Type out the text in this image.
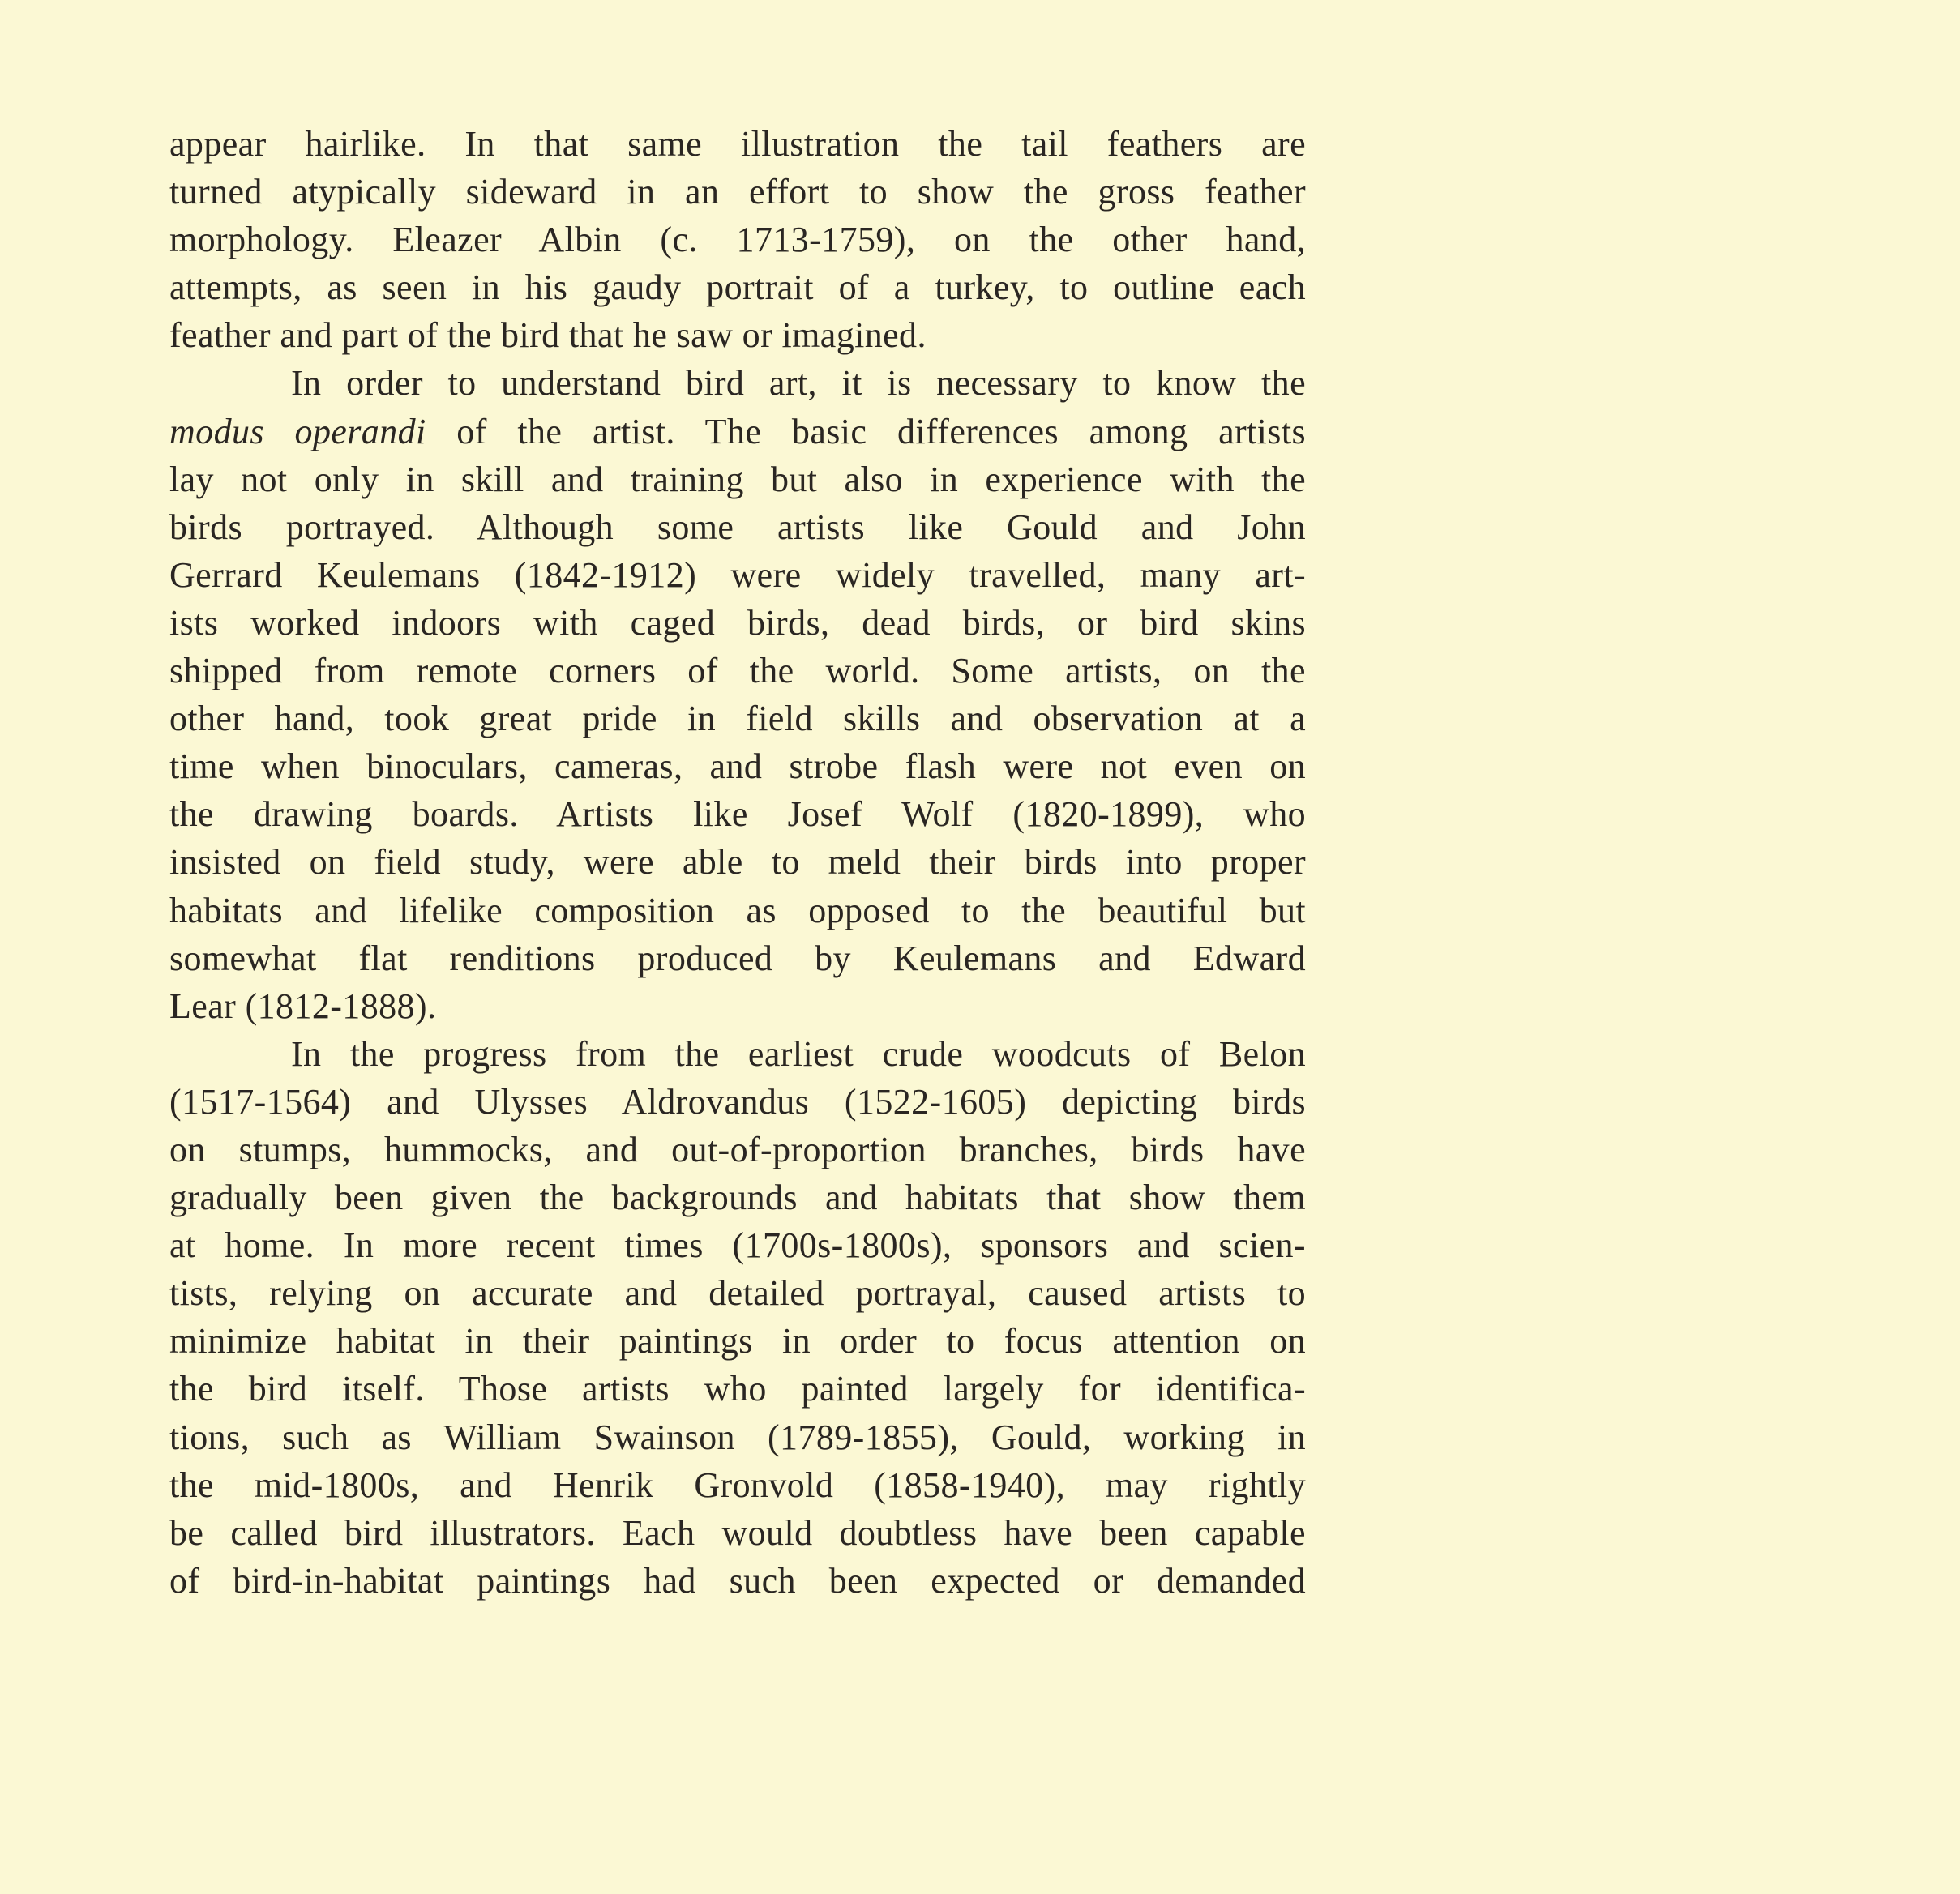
appear hairlike. In that same illustration the tail feathers are
turned atypically sideward in an effort to show the gross feather
morphology. Eleazer Albin (c. 1713-1759), on the other hand,
attempts, as seen in his gaudy portrait of a turkey, to outline each
feather and part of the bird that he saw or imagined.
In order to understand bird art, it is necessary to know the
modus operandi of the artist. The basic differences among artists
lay not only in skill and training but also in experience with the
birds portrayed. Although some artists like Gould and John
Gerrard Keulemans (1842-1912) were widely travelled, many art-
ists worked indoors with caged birds, dead birds, or bird skins
shipped from remote corners of the world. Some artists, on the
other hand, took great pride in field skills and observation at a
time when binoculars, cameras, and strobe flash were not even on
the drawing boards. Artists like Josef Wolf (1820-1899), who
insisted on field study, were able to meld their birds into proper
habitats and lifelike composition as opposed to the beautiful but
somewhat flat renditions produced by Keulemans and Edward
Lear (1812-1888).
In the progress from the earliest crude woodcuts of Belon
(1517-1564) and Ulysses Aldrovandus (1522-1605) depicting birds
on stumps, hummocks, and out-of-proportion branches, birds have
gradually been given the backgrounds and habitats that show them
at home. In more recent times (1700s-1800s), sponsors and scien-
tists, relying on accurate and detailed portrayal, caused artists to
minimize habitat in their paintings in order to focus attention on
the bird itself. Those artists who painted largely for identifica-
tions, such as William Swainson (1789-1855), Gould, working in
the mid-1800s, and Henrik Gronvold (1858-1940), may rightly
be called bird illustrators. Each would doubtless have been capable
of bird-in-habitat paintings had such been expected or demanded
